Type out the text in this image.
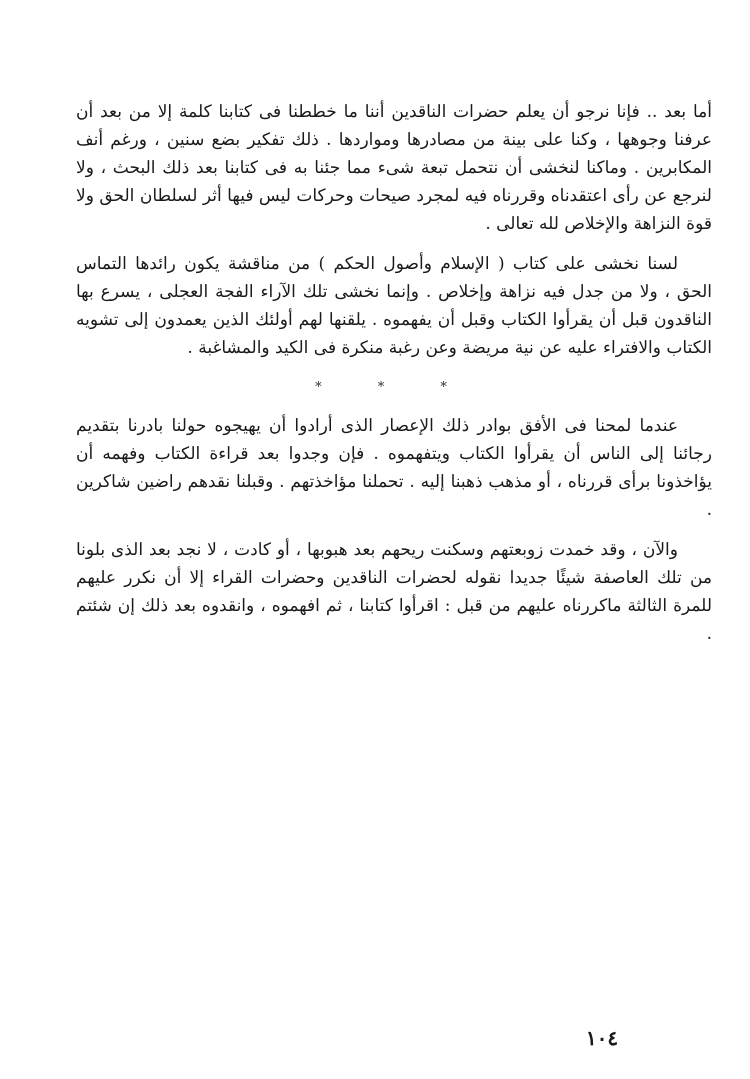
أما بعد .. فإنا نرجو أن يعلم حضرات الناقدين أننا ما خططنا فى كتابنا كلمة إلا من بعد أن عرفنا وجوهها ، وكنا على بينة من مصادرها ومواردها . ذلك تفكير بضع سنين ، ورغم أنف المكابرين . وماكنا لنخشى أن نتحمل تبعة شىء مما جئنا به فى كتابنا بعد ذلك البحث ، ولا لنرجع عن رأى اعتقدناه وقررناه فيه لمجرد صيحات وحركات ليس فيها أثر لسلطان الحق ولا قوة النزاهة والإخلاص لله تعالى .

لسنا نخشى على كتاب ( الإسلام وأصول الحكم ) من مناقشة يكون رائدها التماس الحق ، ولا من جدل فيه نزاهة وإخلاص . وإنما نخشى تلك الآراء الفجة العجلى ، يسرع بها الناقدون قبل أن يقرأوا الكتاب وقبل أن يفهموه . يلقنها لهم أولئك الذين يعمدون إلى تشويه الكتاب والافتراء عليه عن نية مريضة وعن رغبة منكرة فى الكيد والمشاغبة .

* * *

عندما لمحنا فى الأفق بوادر ذلك الإعصار الذى أرادوا أن يهيجوه حولنا بادرنا بتقديم رجائنا إلى الناس أن يقرأوا الكتاب ويتفهموه . فإن وجدوا بعد قراءة الكتاب وفهمه أن يؤاخذونا برأى قررناه ، أو مذهب ذهبنا إليه . تحملنا مؤاخذتهم . وقبلنا نقدهم راضين شاكرين .

والآن ، وقد خمدت زوبعتهم وسكنت ريحهم بعد هبوبها ، أو كادت ، لا نجد بعد الذى بلونا من تلك العاصفة شيئًا جديدا نقوله لحضرات الناقدين وحضرات القراء إلا أن نكرر عليهم للمرة الثالثة ماكررناه عليهم من قبل : اقرأوا كتابنا ، ثم افهموه ، وانقدوه بعد ذلك إن شئتم .

١٠٤
